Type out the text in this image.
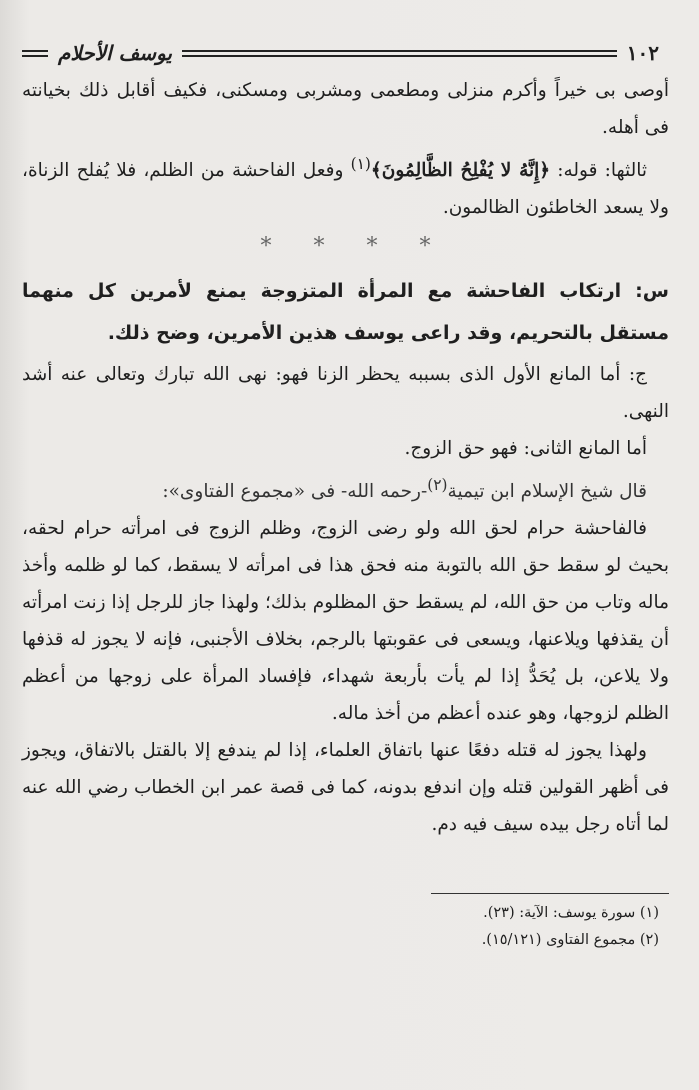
١٠٢
يوسف الأحلام

أوصى بى خيراً وأكرم منزلى ومطعمى ومشربى ومسكنى، فكيف أقابل ذلك بخيانته فى أهله.

ثالثها: قوله: ﴿إِنَّهُ لا يُفْلِحُ الظَّالِمُونَ﴾$^{(١)}$ وفعل الفاحشة من الظلم، فلا يُفلح الزناة، ولا يسعد الخاطئون الظالمون.

* * * *

س: ارتكاب الفاحشة مع المرأة المتزوجة يمنع لأمرين كل منهما مستقل بالتحريم، وقد راعى يوسف هذين الأمرين، وضح ذلك.

ج: أما المانع الأول الذى بسببه يحظر الزنا فهو: نهى الله تبارك وتعالى عنه أشد النهى.

أما المانع الثانى: فهو حق الزوج.

قال شيخ الإسلام ابن تيمية$^{(٢)}$-رحمه الله- فى «مجموع الفتاوى»:

فالفاحشة حرام لحق الله ولو رضى الزوج، وظلم الزوج فى امرأته حرام لحقه، بحيث لو سقط حق الله بالتوبة منه فحق هذا فى امرأته لا يسقط، كما لو ظلمه وأخذ ماله وتاب من حق الله، لم يسقط حق المظلوم بذلك؛ ولهذا جاز للرجل إذا زنت امرأته أن يقذفها ويلاعنها، ويسعى فى عقوبتها بالرجم، بخلاف الأجنبى، فإنه لا يجوز له قذفها ولا يلاعن، بل يُحَدُّ إذا لم يأت بأربعة شهداء، فإفساد المرأة على زوجها من أعظم الظلم لزوجها، وهو عنده أعظم من أخذ ماله.

ولهذا يجوز له قتله دفعًا عنها باتفاق العلماء، إذا لم يندفع إلا بالقتل بالاتفاق، ويجوز فى أظهر القولين قتله وإن اندفع بدونه، كما فى قصة عمر ابن الخطاب رضي الله عنه لما أتاه رجل بيده سيف فيه دم.

(١) سورة يوسف: الآية: (٢٣).

(٢) مجموع الفتاوى (١٥/١٢١).
